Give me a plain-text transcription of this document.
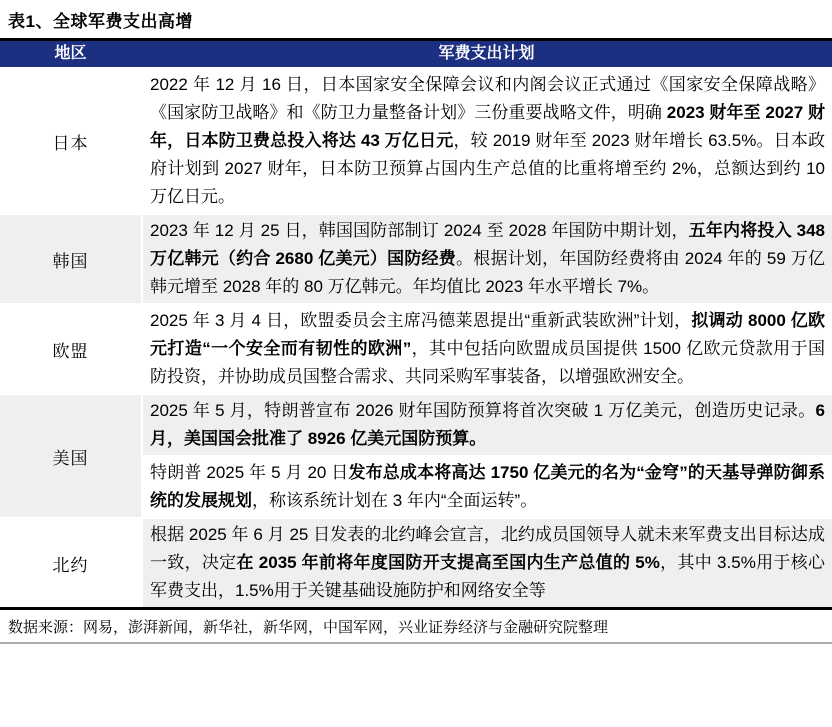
表1、全球军费支出高增
地区	军费支出计划
日本
韩国
欧盟
美国
北约
2022 年 12 月 16 日，日本国家安全保障会议和内阁会议正式通过《国家安全保障战略》《国家防卫战略》和《防卫力量整备计划》三份重要战略文件，明确 2023 财年至 2027 财年，日本防卫费总投入将达 43 万亿日元，较 2019 财年至 2023 财年增长 63.5%。日本政府计划到 2027 财年，日本防卫预算占国内生产总值的比重将增至约 2%，总额达到约 10 万亿日元。
2023 年 12 月 25 日，韩国国防部制订 2024 至 2028 年国防中期计划，五年内将投入 348 万亿韩元（约合 2680 亿美元）国防经费。根据计划，年国防经费将由 2024 年的 59 万亿韩元增至 2028 年的 80 万亿韩元。年均值比 2023 年水平增长 7%。
2025 年 3 月 4 日，欧盟委员会主席冯德莱恩提出“重新武装欧洲”计划，拟调动 8000 亿欧元打造“一个安全而有韧性的欧洲”，其中包括向欧盟成员国提供 1500 亿欧元贷款用于国防投资，并协助成员国整合需求、共同采购军事装备，以增强欧洲安全。
2025 年 5 月，特朗普宣布 2026 财年国防预算将首次突破 1 万亿美元，创造历史记录。6 月，美国国会批准了 8926 亿美元国防预算。
特朗普 2025 年 5 月 20 日发布总成本将高达 1750 亿美元的名为“金穹”的天基导弹防御系统的发展规划，称该系统计划在 3 年内“全面运转”。
根据 2025 年 6 月 25 日发表的北约峰会宣言，北约成员国领导人就未来军费支出目标达成一致，决定在 2035 年前将年度国防开支提高至国内生产总值的 5%，其中 3.5%用于核心军费支出，1.5%用于关键基础设施防护和网络安全等
数据来源：网易，澎湃新闻，新华社，新华网，中国军网，兴业证券经济与金融研究院整理
